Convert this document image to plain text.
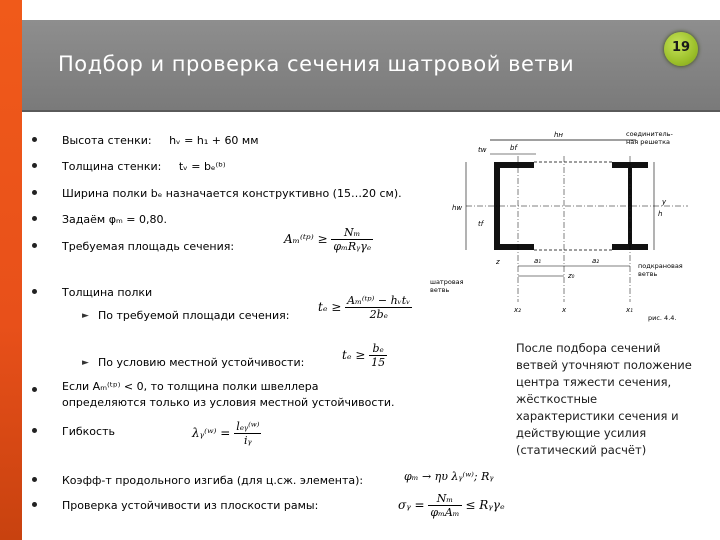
Подбор и проверка сечения шатровой ветви
19
Высота стенки: hᵥ = h₁ + 60 мм
Толщина стенки: tᵥ = bₑ⁽ᵇ⁾
Ширина полки bₑ назначается конструктивно (15…20 см).
Задаём φₘ = 0,80.
Требуемая площадь сечения:
Aₘ⁽ᵗᵖ⁾ ≥ $\frac{\text{Nₘ}}{\text{φₘRᵧγₑ}}$
Толщина полки
► По требуемой площади сечения:
$t_e \ge \frac{\text{Aₘ⁽ᵗᵖ⁾ − hᵥtᵥ}}{\text{2bₑ}}$
► По условию местной устойчивости:
$t_e \ge \frac{\text{bₑ}}{15}$
Если Aₘ⁽ᵗᵖ⁾ < 0, то толщина полки швеллера
определяются только из условия местной устойчивости.
Гибкость	λᵧ⁽ʷ⁾ = $\frac{\text{lₑᵧ⁽ʷ⁾}}{\text{iᵧ}}$
Коэфф-т продольного изгиба (для ц.сж. элемента):	φₘ → ηυ λᵧ⁽ʷ⁾; Rᵧ
Проверка устойчивости из плоскости рамы:	σᵧ = $\frac{\text{Nₘ}}{\text{φₘAₘ}}$ ≤ Rᵧγₑ
hн
tw	bf
y
hw
tf
h
a₁	a₂
z
z₀
x₂	x	x₁
соединитель-
ная решетка
шатровая
ветвь
подкрановая
ветвь
рис. 4.4.
После подбора сечений ветвей уточняют положение центра тяжести сечения, жёсткостные характеристики сечения и действующие усилия (статический расчёт)
